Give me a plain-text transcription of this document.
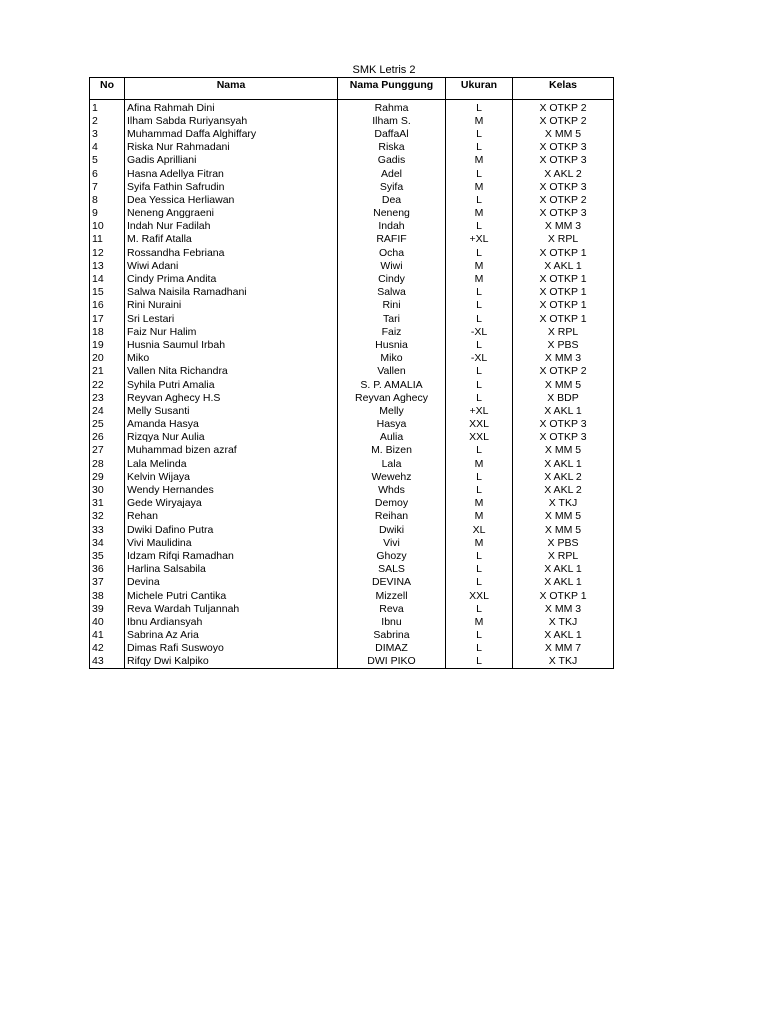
SMK Letris 2
No	Nama	Nama Punggung	Ukuran	Kelas
1	Afina Rahmah Dini	Rahma	L	X OTKP 2
2	Ilham Sabda Ruriyansyah	Ilham S.	M	X OTKP 2
3	Muhammad Daffa Alghiffary	DaffaAl	L	X MM 5
4	Riska Nur Rahmadani	Riska	L	X OTKP 3
5	Gadis Aprilliani	Gadis	M	X OTKP 3
6	Hasna Adellya Fitran	Adel	L	X AKL 2
7	Syifa Fathin Safrudin	Syifa	M	X OTKP 3
8	Dea Yessica Herliawan	Dea	L	X OTKP 2
9	Neneng Anggraeni	Neneng	M	X OTKP 3
10	Indah Nur Fadilah	Indah	L	X MM 3
11	M. Rafif Atalla	RAFIF	+XL	X RPL
12	Rossandha Febriana	Ocha	L	X OTKP 1
13	Wiwi Adani	Wiwi	M	X AKL 1
14	Cindy Prima Andita	Cindy	M	X OTKP 1
15	Salwa Naisila Ramadhani	Salwa	L	X OTKP 1
16	Rini Nuraini	Rini	L	X OTKP 1
17	Sri Lestari	Tari	L	X OTKP 1
18	Faiz Nur Halim	Faiz	-XL	X RPL
19	Husnia Saumul Irbah	Husnia	L	X PBS
20	Miko	Miko	-XL	X MM 3
21	Vallen Nita Richandra	Vallen	L	X OTKP 2
22	Syhila Putri Amalia	S. P. AMALIA	L	X MM 5
23	Reyvan Aghecy H.S	Reyvan Aghecy	L	X BDP
24	Melly Susanti	Melly	+XL	X AKL 1
25	Amanda Hasya	Hasya	XXL	X OTKP 3
26	Rizqya Nur Aulia	Aulia	XXL	X OTKP 3
27	Muhammad bizen azraf	M. Bizen	L	X MM 5
28	Lala Melinda	Lala	M	X AKL 1
29	Kelvin Wijaya	Wewehz	L	X AKL 2
30	Wendy Hernandes	Whds	L	X AKL 2
31	Gede Wiryajaya	Demoy	M	X TKJ
32	Rehan	Reihan	M	X MM 5
33	Dwiki Dafino Putra	Dwiki	XL	X MM 5
34	Vivi Maulidina	Vivi	M	X PBS
35	Idzam Rifqi Ramadhan	Ghozy	L	X RPL
36	Harlina Salsabila	SALS	L	X AKL 1
37	Devina	DEVINA	L	X AKL 1
38	Michele Putri Cantika	Mizzell	XXL	X OTKP 1
39	Reva Wardah Tuljannah	Reva	L	X MM 3
40	Ibnu Ardiansyah	Ibnu	M	X TKJ
41	Sabrina Az Aria	Sabrina	L	X AKL 1
42	Dimas Rafi Suswoyo	DIMAZ	L	X MM 7
43	Rifqy Dwi Kalpiko	DWI PIKO	L	X TKJ
